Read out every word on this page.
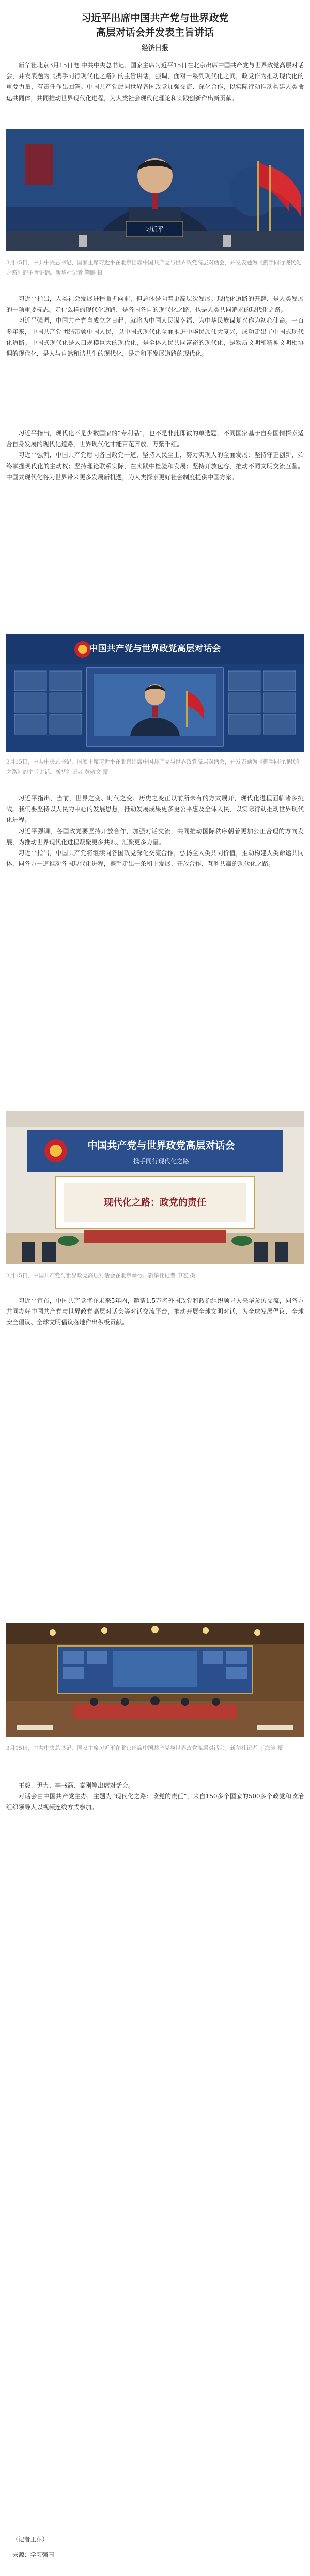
习近平出席中国共产党与世界政党
高层对话会并发表主旨讲话
经济日报

新华社北京3月15日电 中共中央总书记、国家主席习近平15日在北京出席中国共产党与世界政党高层对话会，并发表题为《携手同行现代化之路》的主旨讲话，强调，面对一系列现代化之问，政党作为推动现代化的重要力量，有责任作出回答。中国共产党愿同世界各国政党加强交流、深化合作，以实际行动推动构建人类命运共同体，共同推动世界现代化进程，为人类社会现代化理论和实践创新作出新贡献。

习近平

3月15日，中共中央总书记、国家主席习近平在北京出席中国共产党与世界政党高层对话会，并发表题为《携手同行现代化之路》的主旨讲话。新华社记者 鞠鹏 摄

习近平指出，人类社会发展进程曲折向前，但总体是向着更高层次发展。现代化道路的开辟，是人类发展的一项重要标志。走什么样的现代化道路，是各国各自的现代化之路，也是人类共同追求的现代化之路。

习近平强调，中国共产党自成立之日起，就将为中国人民谋幸福、为中华民族谋复兴作为初心使命。一百多年来，中国共产党团结带领中国人民，以中国式现代化全面推进中华民族伟大复兴，成功走出了中国式现代化道路。中国式现代化是人口规模巨大的现代化，是全体人民共同富裕的现代化，是物质文明和精神文明相协调的现代化，是人与自然和谐共生的现代化，是走和平发展道路的现代化。

习近平指出，现代化不是少数国家的“专利品”，也不是非此即彼的单选题。不同国家基于自身国情探索适合自身发展的现代化道路，世界现代化才能百花齐放、万紫千红。

习近平强调，中国共产党愿同各国政党一道，坚持人民至上，努力实现人的全面发展；坚持守正创新，始终掌握现代化的主动权；坚持理论联系实际，在实践中检验和发展；坚持开放包容，推动不同文明交流互鉴。中国式现代化将为世界带来更多发展新机遇，为人类探索更好社会制度提供中国方案。

中国共产党与世界政党高层对话会

3月15日，中共中央总书记、国家主席习近平在北京出席中国共产党与世界政党高层对话会，并发表题为《携手同行现代化之路》的主旨讲话。新华社记者 黄敬文 摄

习近平指出，当前，世界之变、时代之变、历史之变正以前所未有的方式展开，现代化进程面临诸多挑战。我们要坚持以人民为中心的发展思想，推动发展成果更多更公平惠及全体人民，以实际行动推动世界现代化进程。

习近平强调，各国政党要坚持开放合作，加强对话交流，共同推动国际秩序朝着更加公正合理的方向发展，为推动世界现代化进程凝聚更多共识、汇聚更多力量。

习近平指出，中国共产党将继续同各国政党深化交流合作，弘扬全人类共同价值，推动构建人类命运共同体，同各方一道推动各国现代化进程，携手走出一条和平发展、开放合作、互利共赢的现代化之路。

中国共产党与世界政党高层对话会
携手同行现代化之路
现代化之路：政党的责任

3月15日，中国共产党与世界政党高层对话会在北京举行。新华社记者 申宏 摄

习近平宣布，中国共产党将在未来5年内，邀请1.5万名外国政党和政治组织领导人来华参访交流，同各方共同办好中国共产党与世界政党高层对话会等对话交流平台，推动开展全球文明对话，为全球发展倡议、全球安全倡议、全球文明倡议落地作出积极贡献。

3月15日，中共中央总书记、国家主席习近平在北京出席中国共产党与世界政党高层对话会。新华社记者 丁海涛 摄

王毅、尹力、李书磊、秦刚等出席对话会。

对话会由中国共产党主办，主题为“现代化之路：政党的责任”，来自150多个国家的500多个政党和政治组织领导人以视频连线方式参加。

（记者王萍）

来源：学习强国
